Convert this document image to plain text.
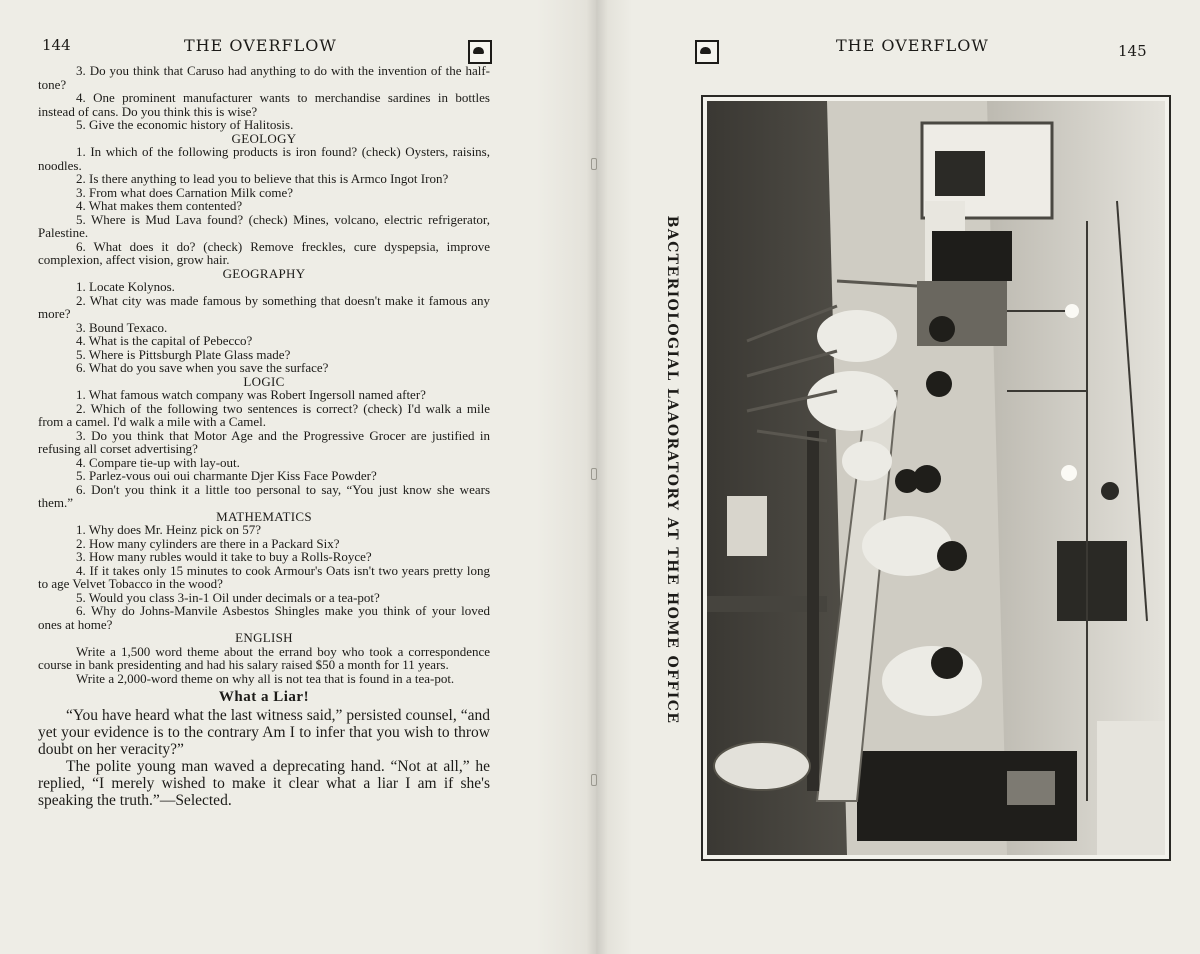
144	THE OVERFLOW

3. Do you think that Caruso had anything to do with the invention of the half-tone?

4. One prominent manufacturer wants to merchandise sardines in bottles instead of cans. Do you think this is wise?

5. Give the economic history of Halitosis.

GEOLOGY

1. In which of the following products is iron found? (check) Oysters, raisins, noodles.

2. Is there anything to lead you to believe that this is Armco Ingot Iron?

3. From what does Carnation Milk come?

4. What makes them contented?

5. Where is Mud Lava found? (check) Mines, volcano, electric refrigerator, Palestine.

6. What does it do? (check) Remove freckles, cure dyspepsia, improve complexion, affect vision, grow hair.

GEOGRAPHY

1. Locate Kolynos.

2. What city was made famous by something that doesn't make it famous any more?

3. Bound Texaco.

4. What is the capital of Pebecco?

5. Where is Pittsburgh Plate Glass made?

6. What do you save when you save the surface?

LOGIC

1. What famous watch company was Robert Ingersoll named after?

2. Which of the following two sentences is correct? (check) I'd walk a mile from a camel. I'd walk a mile with a Camel.

3. Do you think that Motor Age and the Progressive Grocer are justified in refusing all corset advertising?

4. Compare tie-up with lay-out.

5. Parlez-vous oui oui charmante Djer Kiss Face Powder?

6. Don't you think it a little too personal to say, “You just know she wears them.”

MATHEMATICS

1. Why does Mr. Heinz pick on 57?

2. How many cylinders are there in a Packard Six?

3. How many rubles would it take to buy a Rolls-Royce?

4. If it takes only 15 minutes to cook Armour's Oats isn't two years pretty long to age Velvet Tobacco in the wood?

5. Would you class 3-in-1 Oil under decimals or a tea-pot?

6. Why do Johns-Manvile Asbestos Shingles make you think of your loved ones at home?

ENGLISH

Write a 1,500 word theme about the errand boy who took a correspondence course in bank presidenting and had his salary raised $50 a month for 11 years.

Write a 2,000-word theme on why all is not tea that is found in a tea-pot.

What a Liar!

“You have heard what the last witness said,” persisted counsel, “and yet your evidence is to the contrary Am I to infer that you wish to throw doubt on her veracity?”

The polite young man waved a deprecating hand. “Not at all,” he replied, “I merely wished to make it clear what a liar I am if she's speaking the truth.”—Selected.

THE OVERFLOW	145
BACTERIOLOGIAL LAAORATORY AT THE HOME OFFICE
